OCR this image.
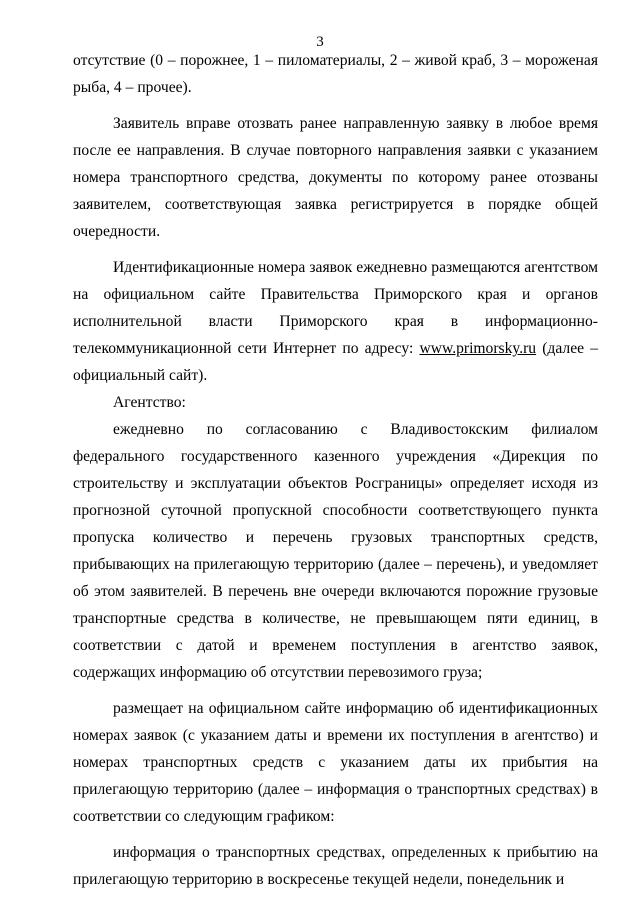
3

отсутствие (0 – порожнее, 1 – пиломатериалы, 2 – живой краб, 3 – мороженая рыба, 4 – прочее).

Заявитель вправе отозвать ранее направленную заявку в любое время после ее направления. В случае повторного направления заявки с указанием номера транспортного средства, документы по которому ранее отозваны заявителем, соответствующая заявка регистрируется в порядке общей очередности.

Идентификационные номера заявок ежедневно размещаются агентством на официальном сайте Правительства Приморского края и органов исполнительной власти Приморского края в информационно-телекоммуникационной сети Интернет по адресу: www.primorsky.ru (далее – официальный сайт).

Агентство:

ежедневно по согласованию с Владивостокским филиалом федерального государственного казенного учреждения «Дирекция по строительству и эксплуатации объектов Росграницы» определяет исходя из прогнозной суточной пропускной способности соответствующего пункта пропуска количество и перечень грузовых транспортных средств, прибывающих на прилегающую территорию (далее – перечень), и уведомляет об этом заявителей. В перечень вне очереди включаются порожние грузовые транспортные средства в количестве, не превышающем пяти единиц, в соответствии с датой и временем поступления в агентство заявок, содержащих информацию об отсутствии перевозимого груза;

размещает на официальном сайте информацию об идентификационных номерах заявок (с указанием даты и времени их поступления в агентство) и номерах транспортных средств с указанием даты их прибытия на прилегающую территорию (далее – информация о транспортных средствах) в соответствии со следующим графиком:

информация о транспортных средствах, определенных к прибытию на прилегающую территорию в воскресенье текущей недели, понедельник и
